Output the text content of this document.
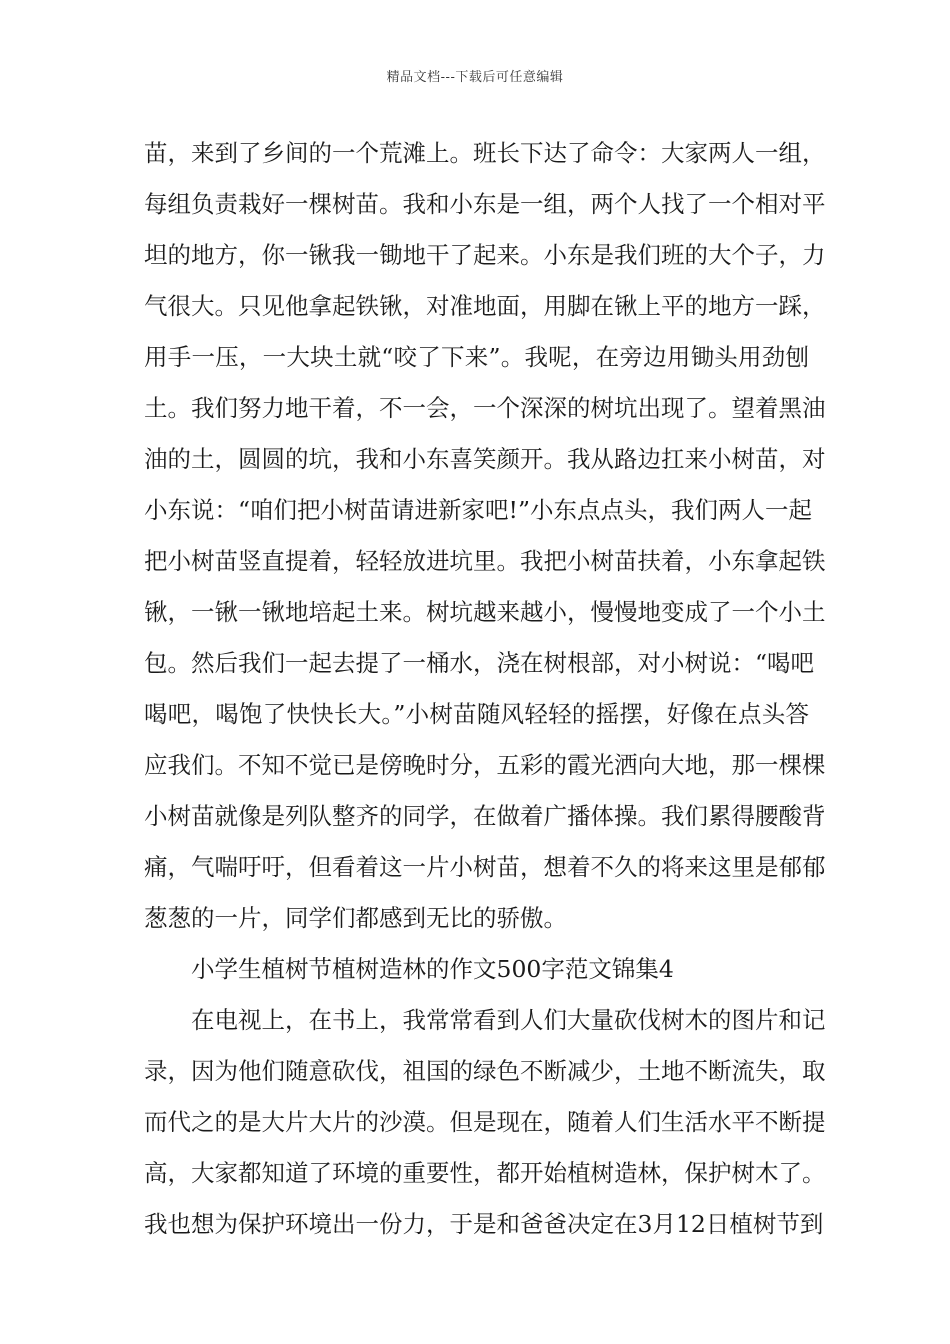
精品文档---下载后可任意编辑
苗，来到了乡间的一个荒滩上。班长下达了命令：大家两人一组，
每组负责栽好一棵树苗。我和小东是一组，两个人找了一个相对平
坦的地方，你一锹我一锄地干了起来。小东是我们班的大个子，力
气很大。只见他拿起铁锹，对准地面，用脚在锹上平的地方一踩，
用手一压，一大块土就“咬了下来”。我呢，在旁边用锄头用劲刨
土。我们努力地干着，不一会，一个深深的树坑出现了。望着黑油
油的土，圆圆的坑，我和小东喜笑颜开。我从路边扛来小树苗，对
小东说：“咱们把小树苗请进新家吧!”小东点点头，我们两人一起
把小树苗竖直提着，轻轻放进坑里。我把小树苗扶着，小东拿起铁
锹，一锹一锹地培起土来。树坑越来越小，慢慢地变成了一个小土
包。然后我们一起去提了一桶水，浇在树根部，对小树说：“喝吧
喝吧，喝饱了快快长大。”小树苗随风轻轻的摇摆，好像在点头答
应我们。不知不觉已是傍晚时分，五彩的霞光洒向大地，那一棵棵
小树苗就像是列队整齐的同学，在做着广播体操。我们累得腰酸背
痛，气喘吁吁，但看着这一片小树苗，想着不久的将来这里是郁郁
葱葱的一片，同学们都感到无比的骄傲。
小学生植树节植树造林的作文500字范文锦集4
在电视上，在书上，我常常看到人们大量砍伐树木的图片和记
录，因为他们随意砍伐，祖国的绿色不断减少，土地不断流失，取
而代之的是大片大片的沙漠。但是现在，随着人们生活水平不断提
高，大家都知道了环境的重要性，都开始植树造林，保护树木了。
我也想为保护环境出一份力，于是和爸爸决定在3月12日植树节到
